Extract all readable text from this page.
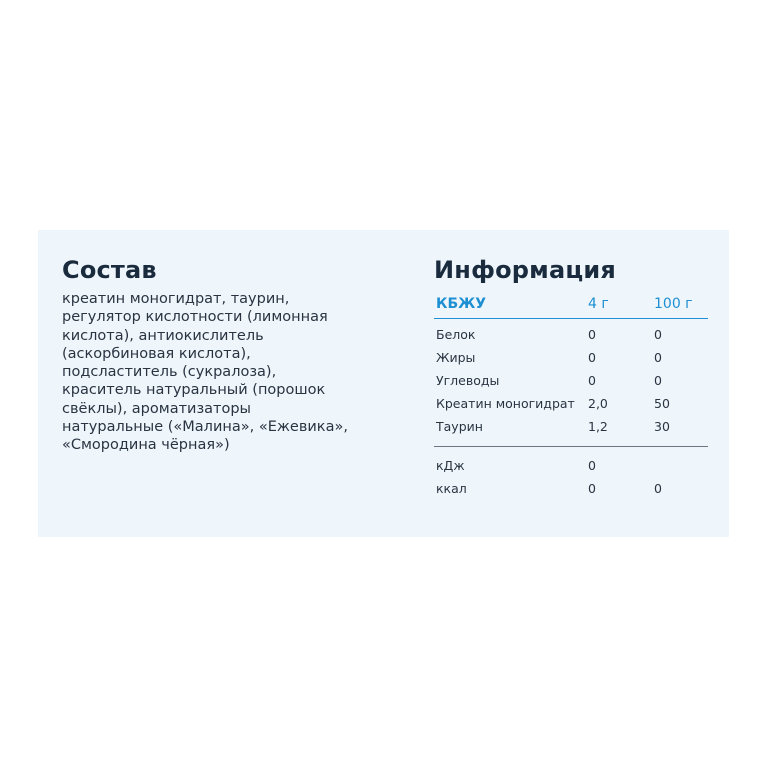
Состав
креатин моногидрат, таурин,
регулятор кислотности (лимонная
кислота), антиокислитель
(аскорбиновая кислота),
подсластитель (сукралоза),
краситель натуральный (порошок
свёклы), ароматизаторы
натуральные («Малина», «Ежевика»,
«Смородина чёрная»)
Информация
КБЖУ	4 г	100 г
Белок	0	0
Жиры	0	0
Углеводы	0	0
Креатин моногидрат 2,0	50
Таурин	1,2	30
кДж	0
ккал	0	0
